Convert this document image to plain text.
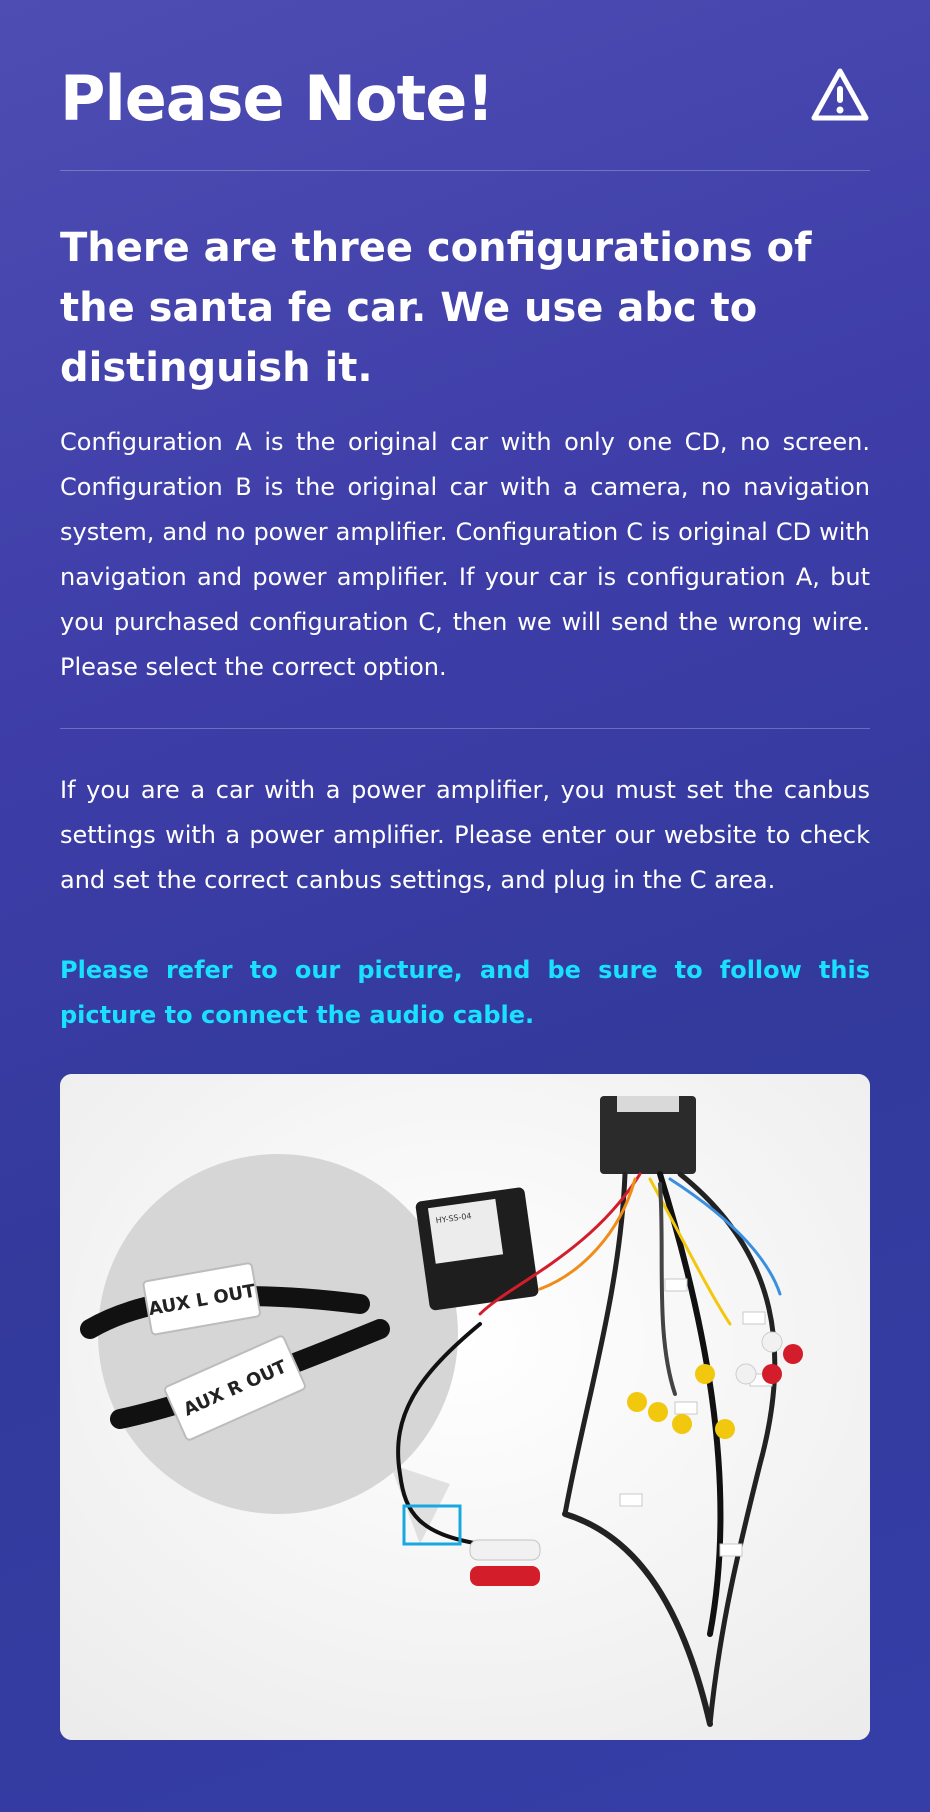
Please Note!
There are three configurations of the santa fe car. We use abc to distinguish it.

Configuration A is the original car with only one CD, no screen. Configuration B is the original car with a camera, no navigation system, and no power amplifier. Configuration C is original CD with navigation and power amplifier. If your car is configuration A, but you purchased configuration C, then we will send the wrong wire. Please select the correct option.

If you are a car with a power amplifier, you must set the canbus settings with a power amplifier. Please enter our website to check and set the correct canbus settings, and plug in the C area.

Please refer to our picture, and be sure to follow this picture to connect the audio cable.

AUX L OUT
AUX R OUT
HY-SS-04
